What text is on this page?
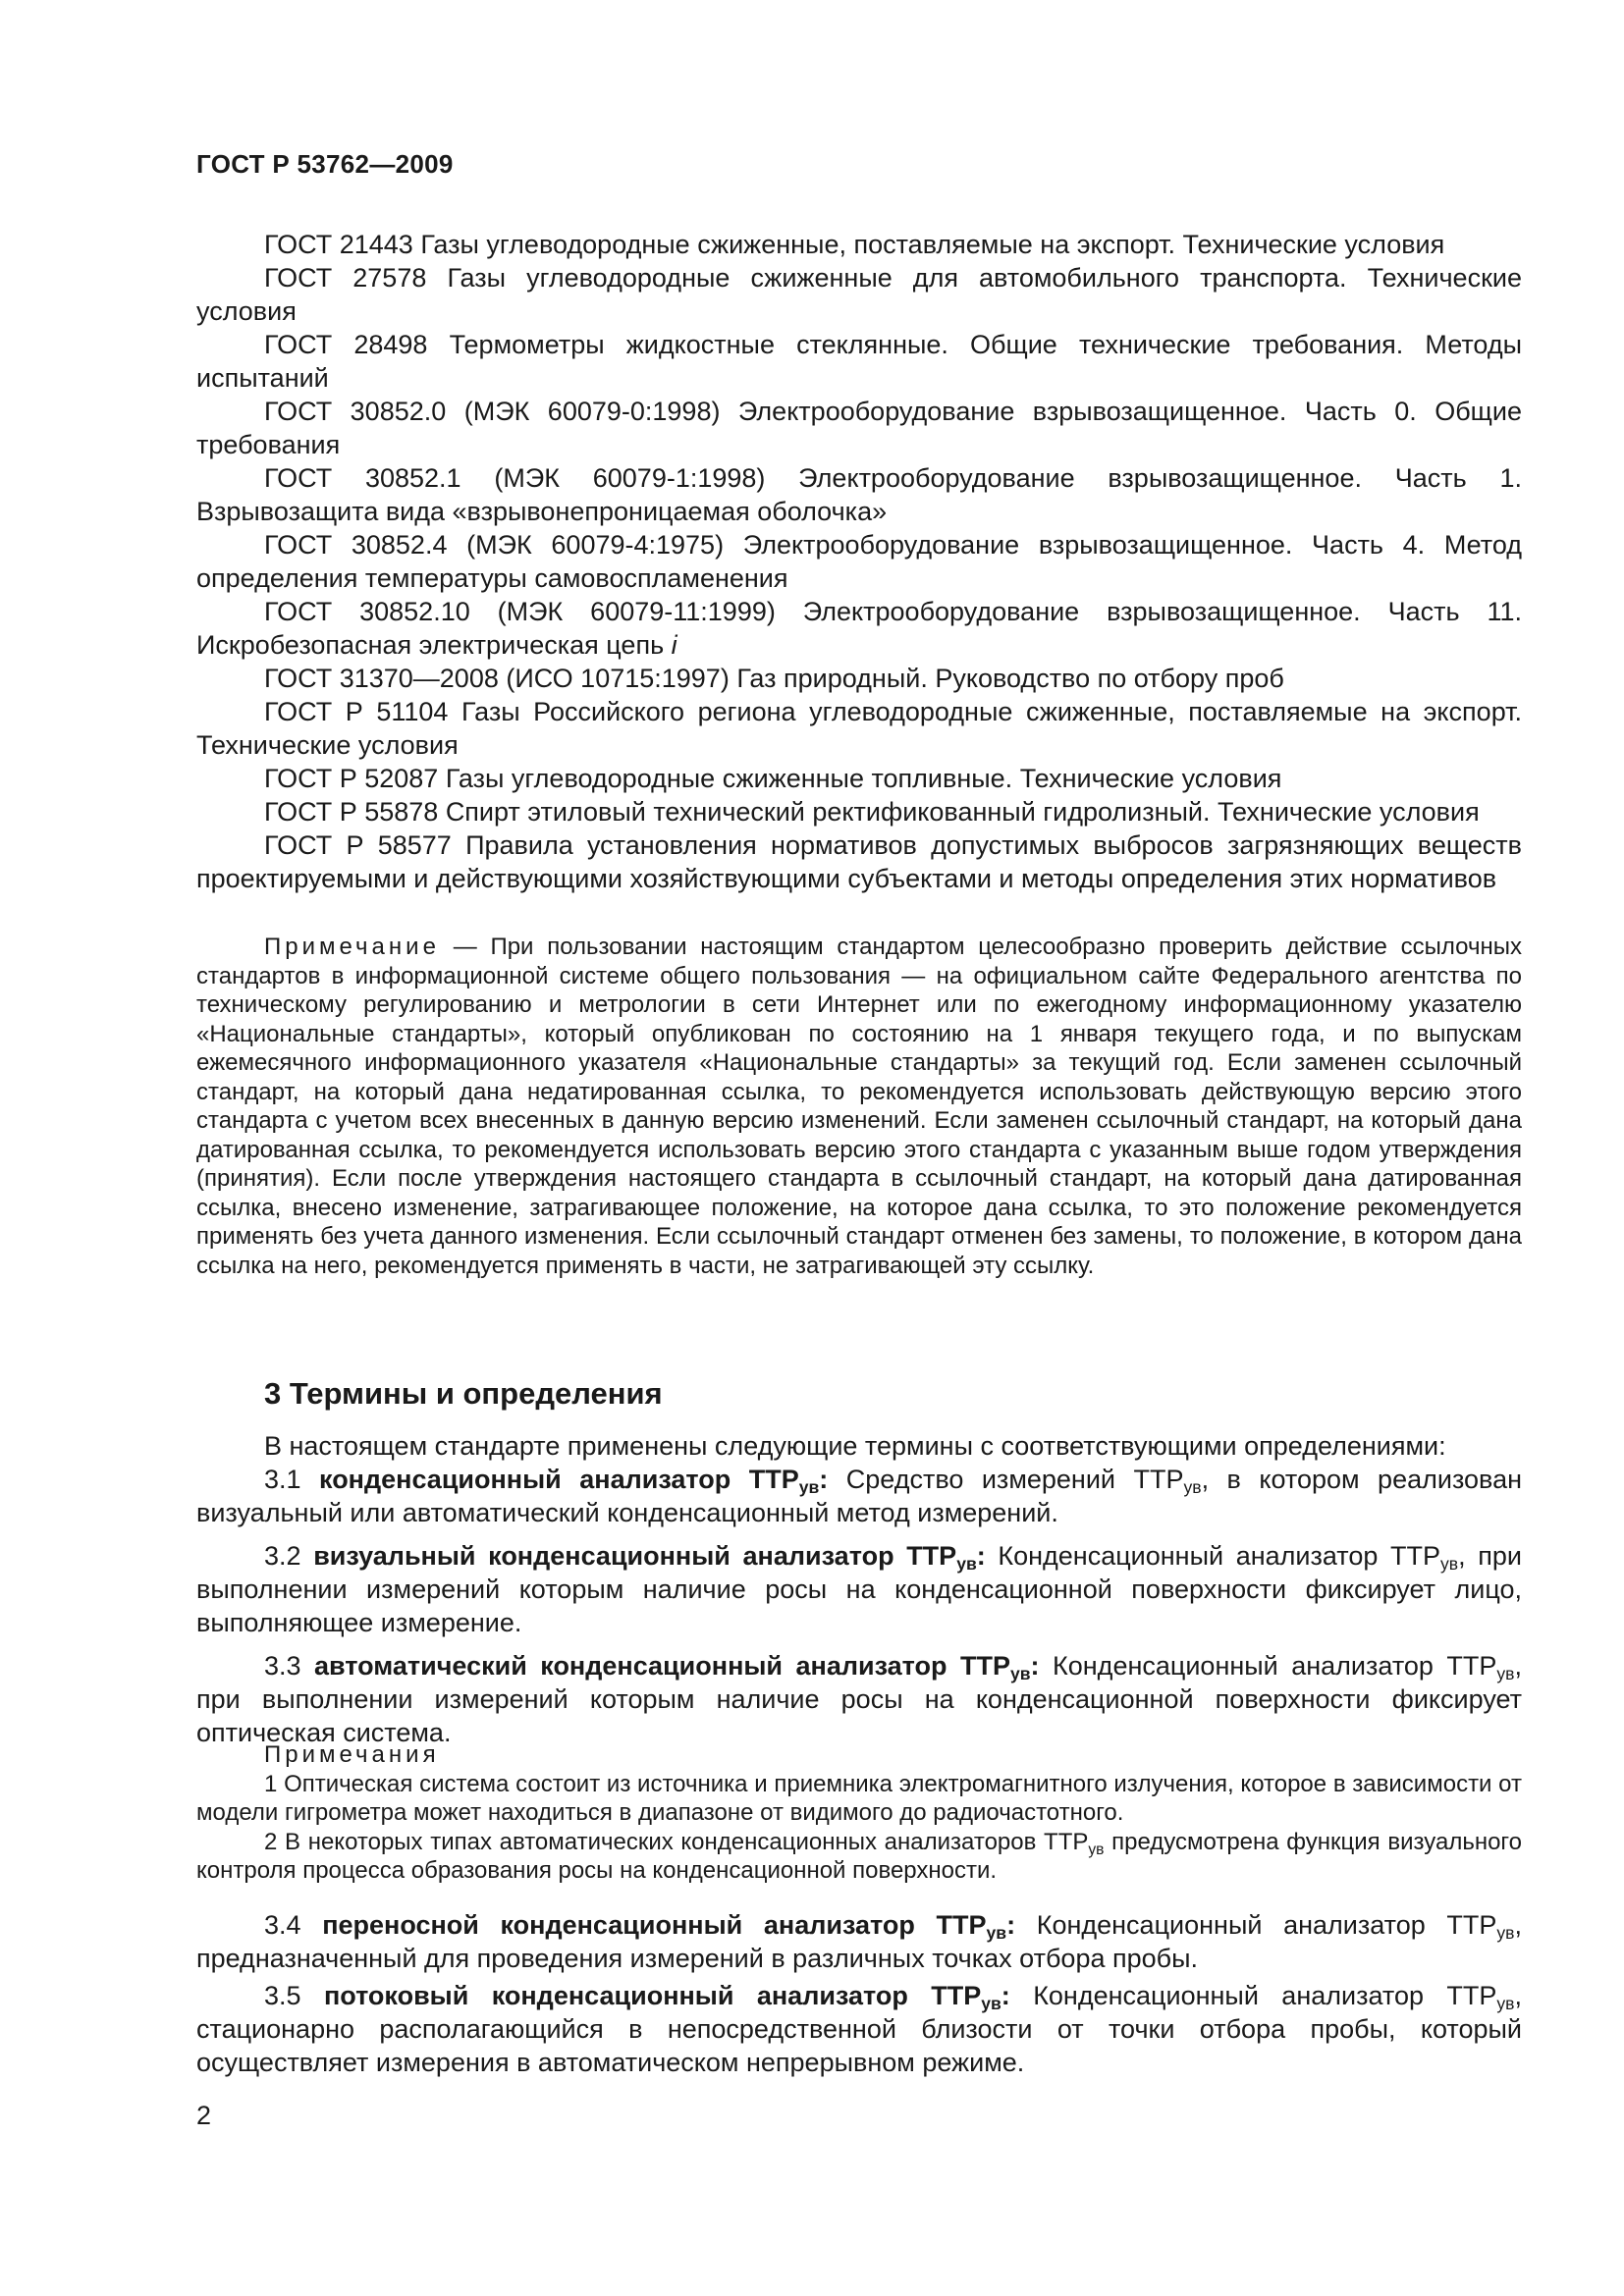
ГОСТ Р 53762—2009

ГОСТ 21443 Газы углеводородные сжиженные, поставляемые на экспорт. Технические условия

ГОСТ 27578 Газы углеводородные сжиженные для автомобильного транспорта. Технические условия

ГОСТ 28498 Термометры жидкостные стеклянные. Общие технические требования. Методы испытаний

ГОСТ 30852.0 (МЭК 60079-0:1998) Электрооборудование взрывозащищенное. Часть 0. Общие требования

ГОСТ 30852.1 (МЭК 60079-1:1998) Электрооборудование взрывозащищенное. Часть 1. Взрывозащита вида «взрывонепроницаемая оболочка»

ГОСТ 30852.4 (МЭК 60079-4:1975) Электрооборудование взрывозащищенное. Часть 4. Метод определения температуры самовоспламенения

ГОСТ 30852.10 (МЭК 60079-11:1999) Электрооборудование взрывозащищенное. Часть 11. Искробезопасная электрическая цепь i

ГОСТ 31370—2008 (ИСО 10715:1997) Газ природный. Руководство по отбору проб

ГОСТ Р 51104 Газы Российского региона углеводородные сжиженные, поставляемые на экспорт. Технические условия

ГОСТ Р 52087 Газы углеводородные сжиженные топливные. Технические условия

ГОСТ Р 55878 Спирт этиловый технический ректификованный гидролизный. Технические условия

ГОСТ Р 58577 Правила установления нормативов допустимых выбросов загрязняющих веществ проектируемыми и действующими хозяйствующими субъектами и методы определения этих нормативов

Примечание — При пользовании настоящим стандартом целесообразно проверить действие ссылочных стандартов в информационной системе общего пользования — на официальном сайте Федерального агентства по техническому регулированию и метрологии в сети Интернет или по ежегодному информационному указателю «Национальные стандарты», который опубликован по состоянию на 1 января текущего года, и по выпускам ежемесячного информационного указателя «Национальные стандарты» за текущий год. Если заменен ссылочный стандарт, на который дана недатированная ссылка, то рекомендуется использовать действующую версию этого стандарта с учетом всех внесенных в данную версию изменений. Если заменен ссылочный стандарт, на который дана датированная ссылка, то рекомендуется использовать версию этого стандарта с указанным выше годом утверждения (принятия). Если после утверждения настоящего стандарта в ссылочный стандарт, на который дана датированная ссылка, внесено изменение, затрагивающее положение, на которое дана ссылка, то это положение рекомендуется применять без учета данного изменения. Если ссылочный стандарт отменен без замены, то положение, в котором дана ссылка на него, рекомендуется применять в части, не затрагивающей эту ссылку.

3 Термины и определения

В настоящем стандарте применены следующие термины с соответствующими определениями:

3.1 конденсационный анализатор $ТТР_{ув}$: Средство измерений $ТТР_{ув}$, в котором реализован визуальный или автоматический конденсационный метод измерений.

3.2 визуальный конденсационный анализатор $ТТР_{ув}$: Конденсационный анализатор $ТТР_{ув}$, при выполнении измерений которым наличие росы на конденсационной поверхности фиксирует лицо, выполняющее измерение.

3.3 автоматический конденсационный анализатор $ТТР_{ув}$: Конденсационный анализатор $ТТР_{ув}$, при выполнении измерений которым наличие росы на конденсационной поверхности фиксирует оптическая система.

Примечания

1 Оптическая система состоит из источника и приемника электромагнитного излучения, которое в зависимости от модели гигрометра может находиться в диапазоне от видимого до радиочастотного.

2 В некоторых типах автоматических конденсационных анализаторов $ТТР_{ув}$ предусмотрена функция визуального контроля процесса образования росы на конденсационной поверхности.

3.4 переносной конденсационный анализатор $ТТР_{ув}$: Конденсационный анализатор $ТТР_{ув}$, предназначенный для проведения измерений в различных точках отбора пробы.

3.5 потоковый конденсационный анализатор $ТТР_{ув}$: Конденсационный анализатор $ТТР_{ув}$, стационарно располагающийся в непосредственной близости от точки отбора пробы, который осуществляет измерения в автоматическом непрерывном режиме.

2
